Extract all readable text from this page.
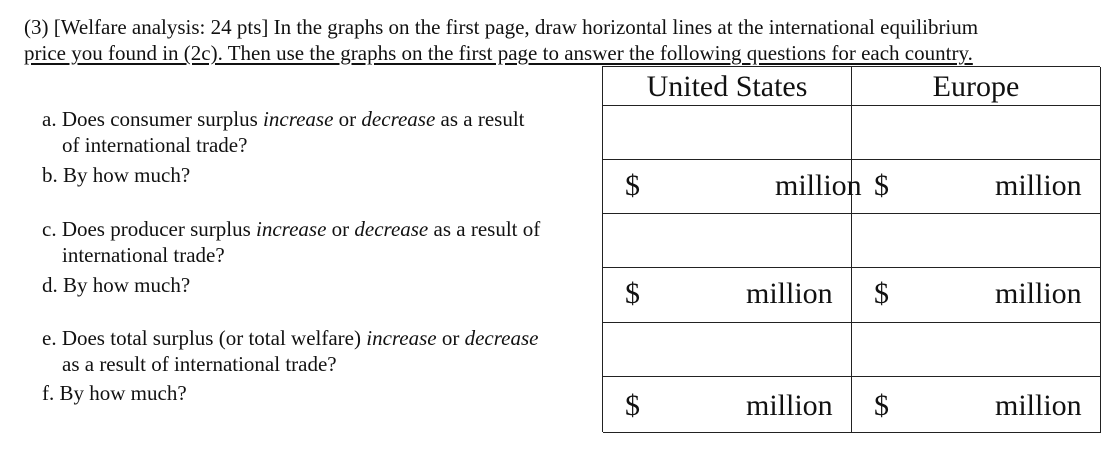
(3) [Welfare analysis: 24 pts] In the graphs on the first page, draw horizontal lines at the international equilibrium
price you found in (2c). Then use the graphs on the first page to answer the following questions for each country.
a. Does consumer surplus increase or decrease as a result
of international trade?
b. By how much?
c. Does producer surplus increase or decrease as a result of
international trade?
d. By how much?
e. Does total surplus (or total welfare) increase or decrease
as a result of international trade?
f. By how much?
United States	Europe
$	million $	million
$	million $	million
$	million $	million
